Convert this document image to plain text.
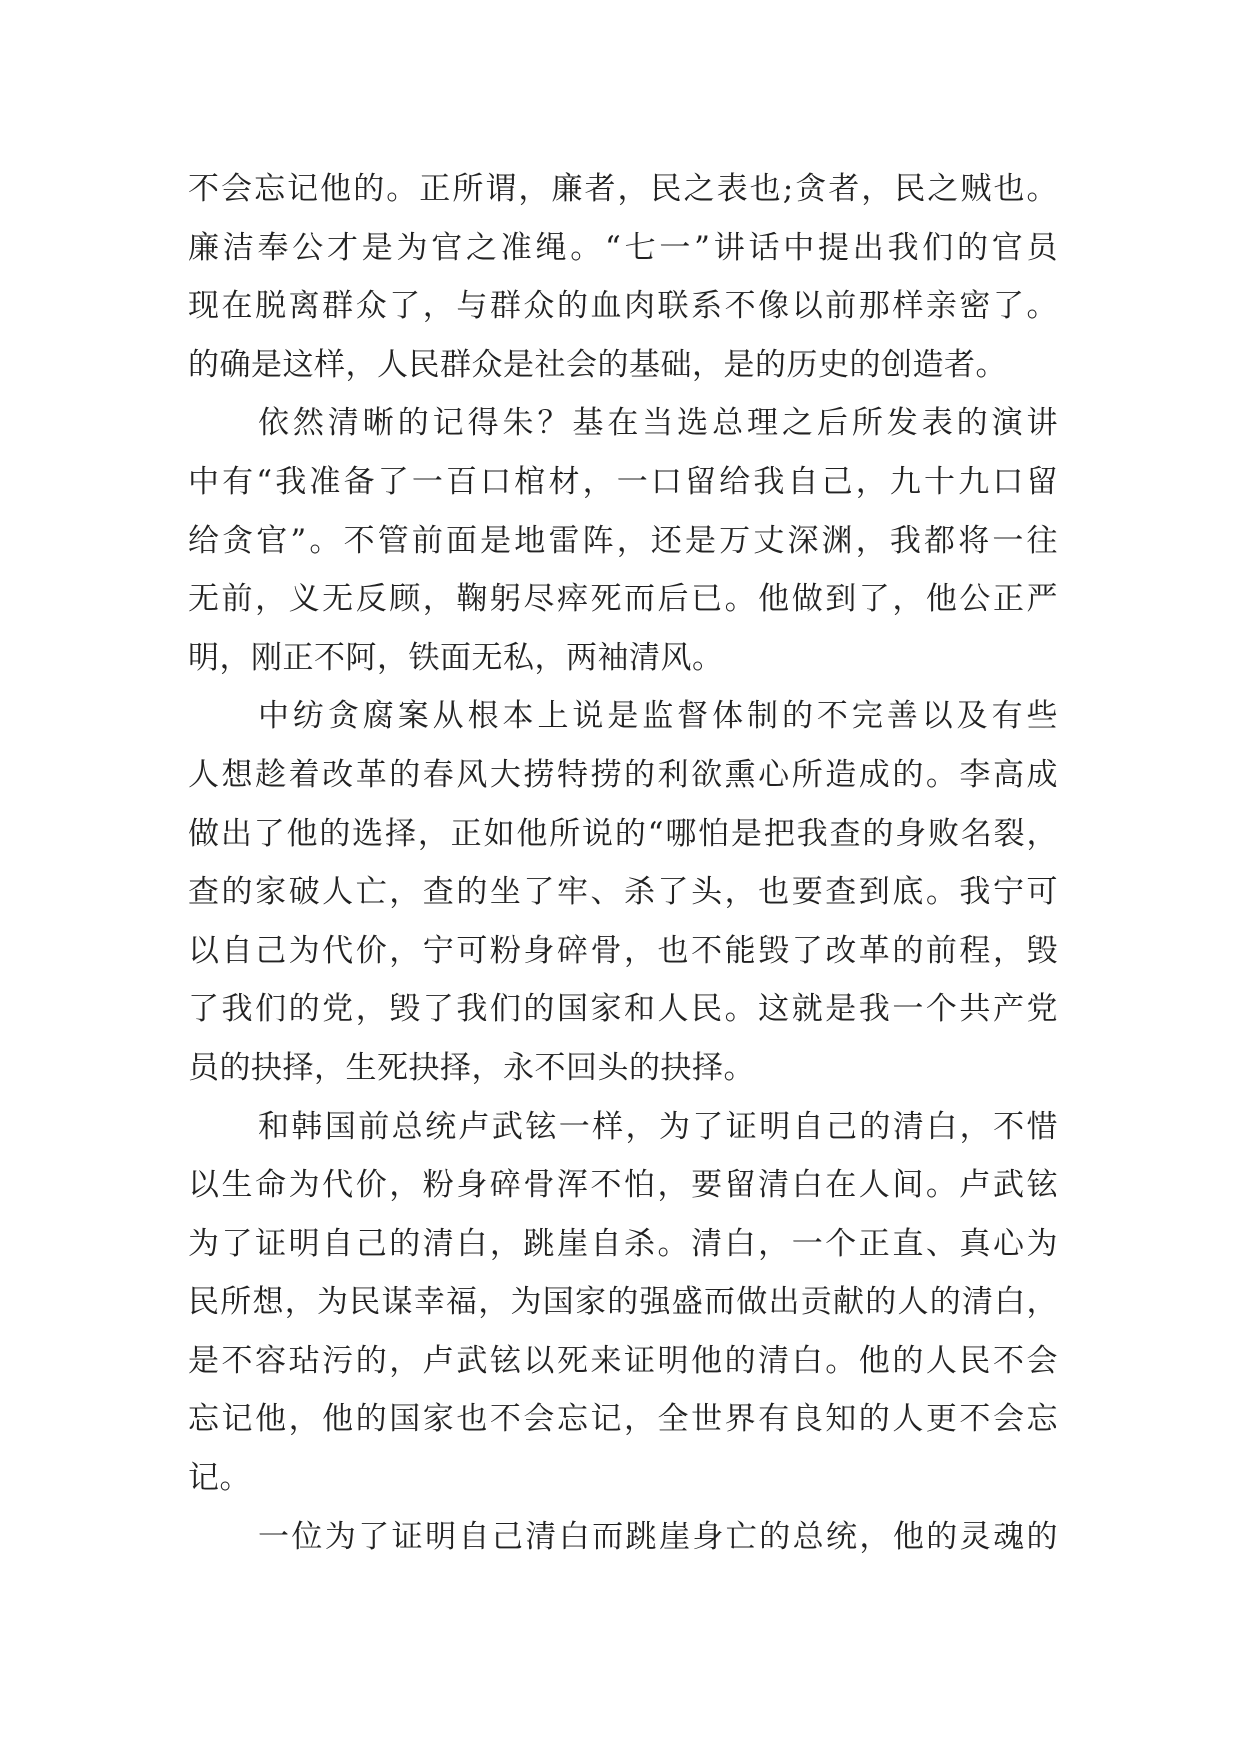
不会忘记他的。正所谓，廉者，民之表也;贪者，民之贼也。
廉洁奉公才是为官之准绳。“七一”讲话中提出我们的官员
现在脱离群众了，与群众的血肉联系不像以前那样亲密了。
的确是这样，人民群众是社会的基础，是的历史的创造者。
依然清晰的记得朱？基在当选总理之后所发表的演讲
中有“我准备了一百口棺材，一口留给我自己，九十九口留
给贪官”。不管前面是地雷阵，还是万丈深渊，我都将一往
无前，义无反顾，鞠躬尽瘁死而后已。他做到了，他公正严
明，刚正不阿，铁面无私，两袖清风。
中纺贪腐案从根本上说是监督体制的不完善以及有些
人想趁着改革的春风大捞特捞的利欲熏心所造成的。李高成
做出了他的选择，正如他所说的“哪怕是把我查的身败名裂，
查的家破人亡，查的坐了牢、杀了头，也要查到底。我宁可
以自己为代价，宁可粉身碎骨，也不能毁了改革的前程，毁
了我们的党，毁了我们的国家和人民。这就是我一个共产党
员的抉择，生死抉择，永不回头的抉择。
和韩国前总统卢武铉一样，为了证明自己的清白，不惜
以生命为代价，粉身碎骨浑不怕，要留清白在人间。卢武铉
为了证明自己的清白，跳崖自杀。清白，一个正直、真心为
民所想，为民谋幸福，为国家的强盛而做出贡献的人的清白，
是不容玷污的，卢武铉以死来证明他的清白。他的人民不会
忘记他，他的国家也不会忘记，全世界有良知的人更不会忘
记。
一位为了证明自己清白而跳崖身亡的总统，他的灵魂的
